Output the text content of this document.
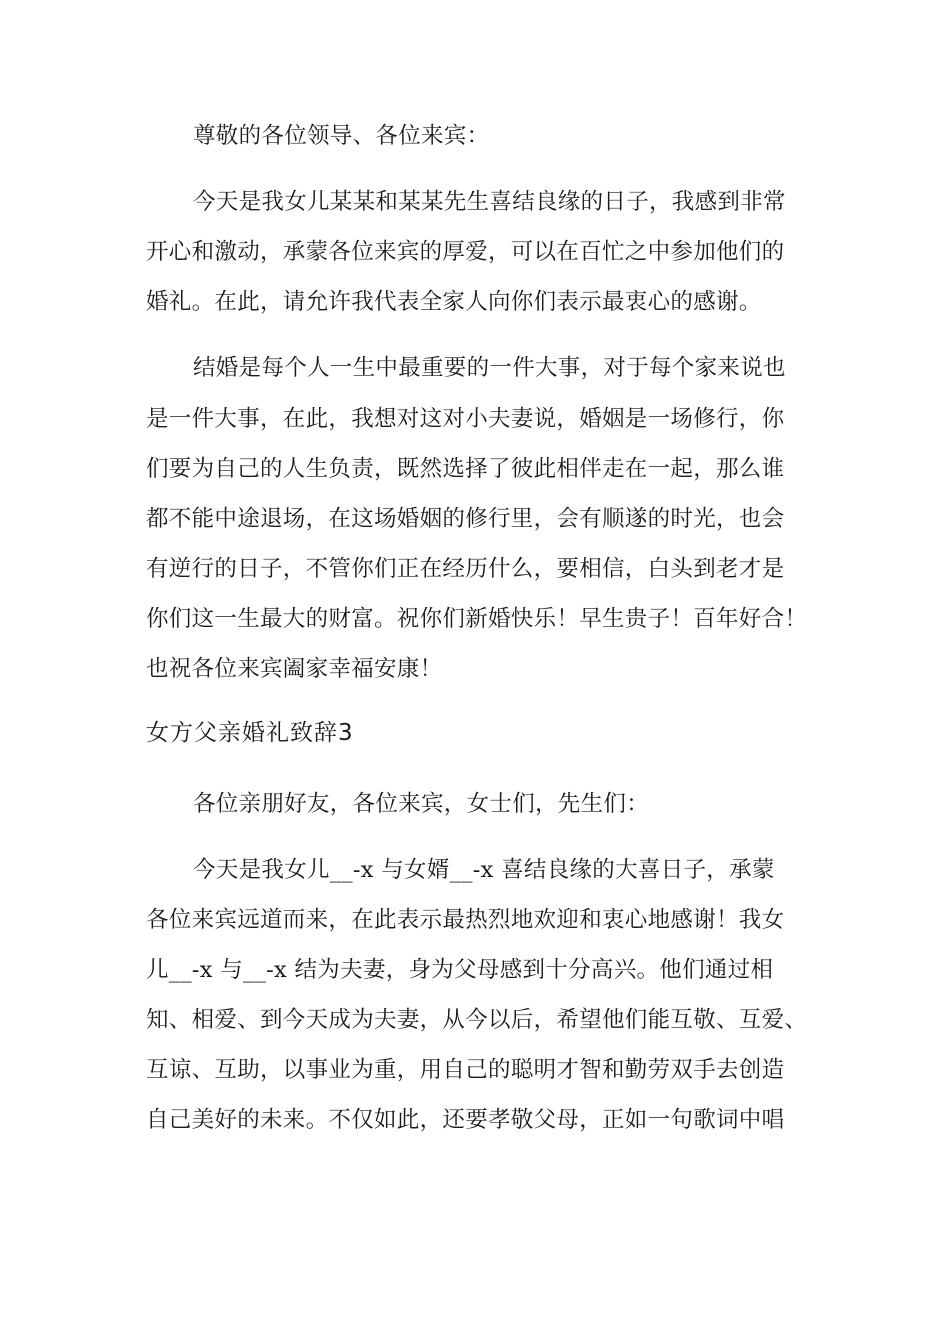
尊敬的各位领导、各位来宾：
今天是我女儿某某和某某先生喜结良缘的日子，我感到非常
开心和激动，承蒙各位来宾的厚爱，可以在百忙之中参加他们的
婚礼。在此，请允许我代表全家人向你们表示最衷心的感谢。
结婚是每个人一生中最重要的一件大事，对于每个家来说也
是一件大事，在此，我想对这对小夫妻说，婚姻是一场修行，你
们要为自己的人生负责，既然选择了彼此相伴走在一起，那么谁
都不能中途退场，在这场婚姻的修行里，会有顺遂的时光，也会
有逆行的日子，不管你们正在经历什么，要相信，白头到老才是
你们这一生最大的财富。祝你们新婚快乐！早生贵子！百年好合！
也祝各位来宾阖家幸福安康！
女方父亲婚礼致辞3
各位亲朋好友，各位来宾，女士们，先生们：
今天是我女儿__-x 与女婿__-x 喜结良缘的大喜日子，承蒙
各位来宾远道而来，在此表示最热烈地欢迎和衷心地感谢！我女
儿__-x 与__-x 结为夫妻，身为父母感到十分高兴。他们通过相
知、相爱、到今天成为夫妻，从今以后，希望他们能互敬、互爱、
互谅、互助，以事业为重，用自己的聪明才智和勤劳双手去创造
自己美好的未来。不仅如此，还要孝敬父母，正如一句歌词中唱
